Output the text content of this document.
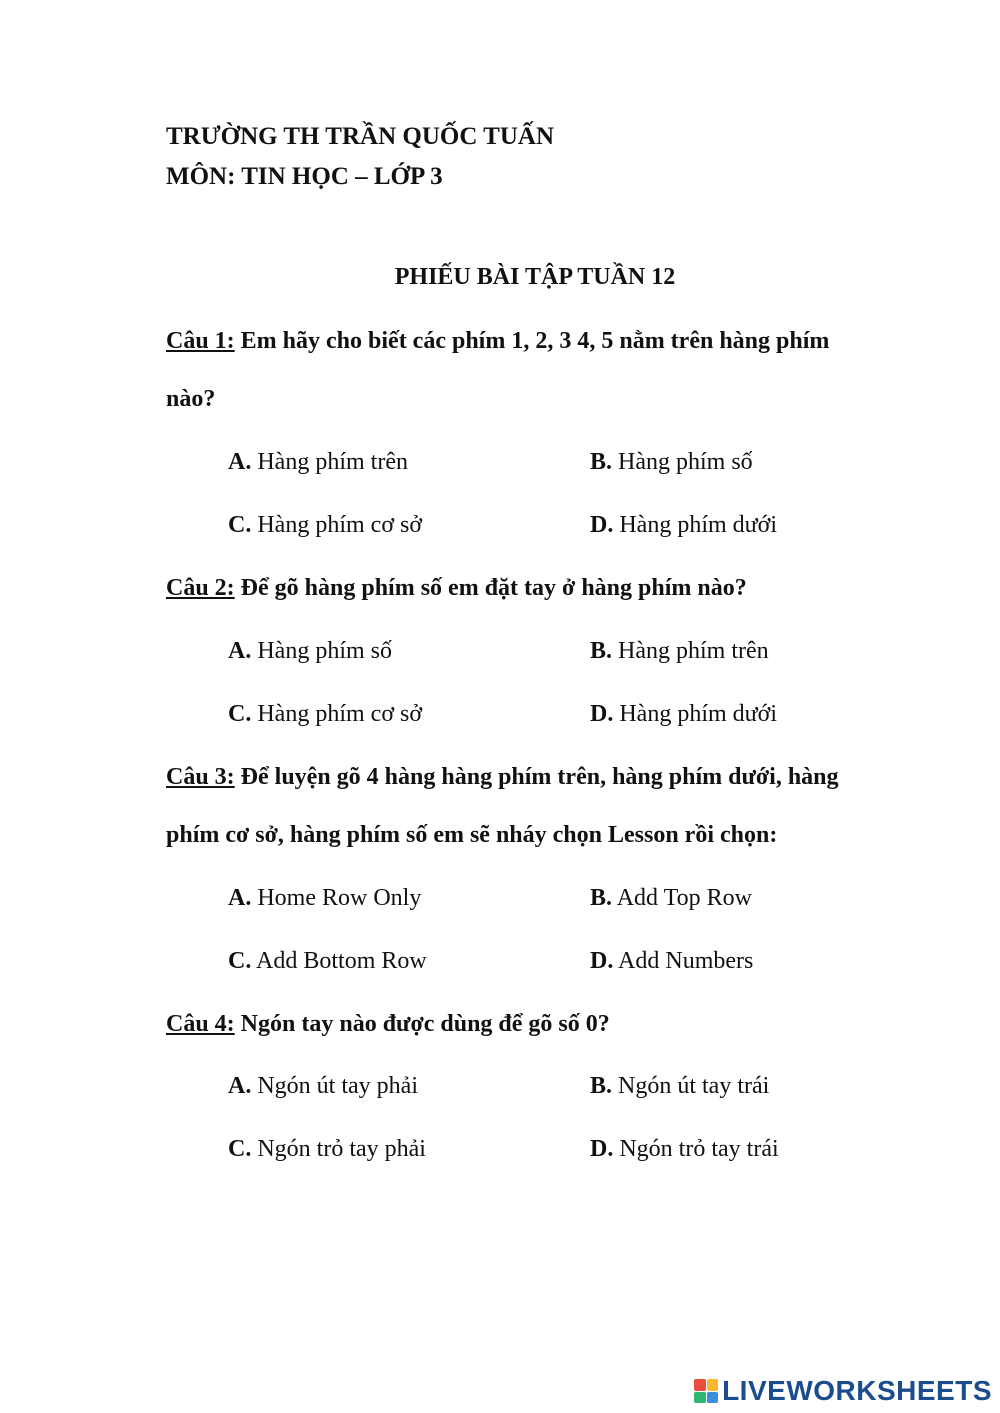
TRƯỜNG TH TRẦN QUỐC TUẤN
MÔN: TIN HỌC – LỚP 3
PHIẾU BÀI TẬP TUẦN 12
Câu 1: Em hãy cho biết các phím 1, 2, 3 4, 5 nằm trên hàng phím
nào?
A. Hàng phím trên	B. Hàng phím số
C. Hàng phím cơ sở	D. Hàng phím dưới
Câu 2: Để gõ hàng phím số em đặt tay ở hàng phím nào?
A. Hàng phím số	B. Hàng phím trên
C. Hàng phím cơ sở	D. Hàng phím dưới
Câu 3: Để luyện gõ 4 hàng hàng phím trên, hàng phím dưới, hàng
phím cơ sở, hàng phím số em sẽ nháy chọn Lesson rồi chọn:
A. Home Row Only	B. Add Top Row
C. Add Bottom Row	D. Add Numbers
Câu 4: Ngón tay nào được dùng để gõ số 0?
A. Ngón út tay phải	B. Ngón út tay trái
C. Ngón trỏ tay phải	D. Ngón trỏ tay trái
LIVEWORKSHEETS
